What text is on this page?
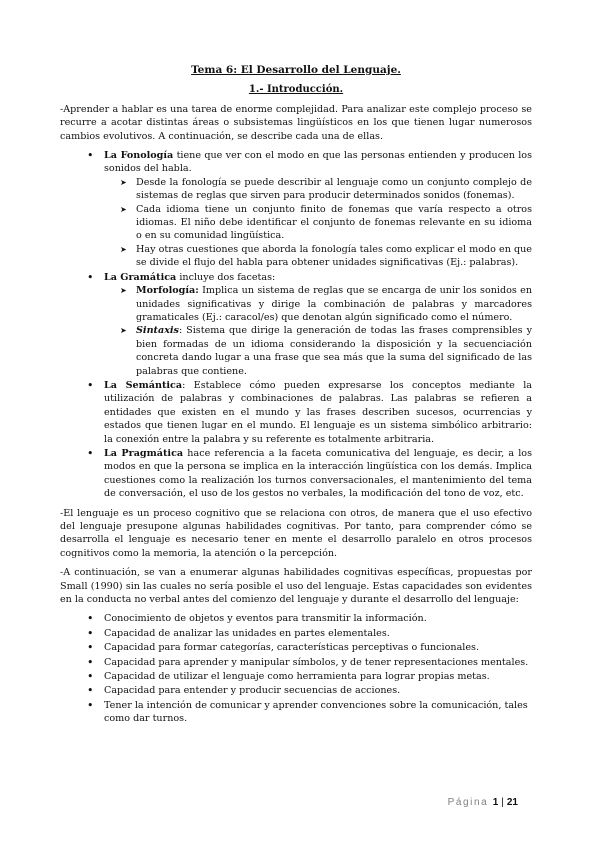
Tema 6: El Desarrollo del Lenguaje.
1.- Introducción.

-Aprender a hablar es una tarea de enorme complejidad. Para analizar este complejo proceso se recurre a acotar distintas áreas o subsistemas lingüísticos en los que tienen lugar numerosos cambios evolutivos. A continuación, se describe cada una de ellas.

• La Fonología tiene que ver con el modo en que las personas entienden y producen los sonidos del habla.
➤ Desde la fonología se puede describir al lenguaje como un conjunto complejo de sistemas de reglas que sirven para producir determinados sonidos (fonemas).
➤ Cada idioma tiene un conjunto finito de fonemas que varía respecto a otros idiomas. El niño debe identificar el conjunto de fonemas relevante en su idioma o en su comunidad lingüística.
➤ Hay otras cuestiones que aborda la fonología tales como explicar el modo en que se divide el flujo del habla para obtener unidades significativas (Ej.: palabras).
• La Gramática incluye dos facetas:
➤ Morfología: Implica un sistema de reglas que se encarga de unir los sonidos en unidades significativas y dirige la combinación de palabras y marcadores gramaticales (Ej.: caracol/es) que denotan algún significado como el número.
➤ Sintaxis: Sistema que dirige la generación de todas las frases comprensibles y bien formadas de un idioma considerando la disposición y la secuenciación concreta dando lugar a una frase que sea más que la suma del significado de las palabras que contiene.
• La Semántica: Establece cómo pueden expresarse los conceptos mediante la utilización de palabras y combinaciones de palabras. Las palabras se refieren a entidades que existen en el mundo y las frases describen sucesos, ocurrencias y estados que tienen lugar en el mundo. El lenguaje es un sistema simbólico arbitrario: la conexión entre la palabra y su referente es totalmente arbitraria.
• La Pragmática hace referencia a la faceta comunicativa del lenguaje, es decir, a los modos en que la persona se implica en la interacción lingüística con los demás. Implica cuestiones como la realización los turnos conversacionales, el mantenimiento del tema de conversación, el uso de los gestos no verbales, la modificación del tono de voz, etc.

-El lenguaje es un proceso cognitivo que se relaciona con otros, de manera que el uso efectivo del lenguaje presupone algunas habilidades cognitivas. Por tanto, para comprender cómo se desarrolla el lenguaje es necesario tener en mente el desarrollo paralelo en otros procesos cognitivos como la memoria, la atención o la percepción.

-A continuación, se van a enumerar algunas habilidades cognitivas específicas, propuestas por Small (1990) sin las cuales no sería posible el uso del lenguaje. Estas capacidades son evidentes en la conducta no verbal antes del comienzo del lenguaje y durante el desarrollo del lenguaje:

• Conocimiento de objetos y eventos para transmitir la información.
• Capacidad de analizar las unidades en partes elementales.
• Capacidad para formar categorías, características perceptivas o funcionales.
• Capacidad para aprender y manipular símbolos, y de tener representaciones mentales.
• Capacidad de utilizar el lenguaje como herramienta para lograr propias metas.
• Capacidad para entender y producir secuencias de acciones.
• Tener la intención de comunicar y aprender convenciones sobre la comunicación, tales como dar turnos.
Página 1 | 21
